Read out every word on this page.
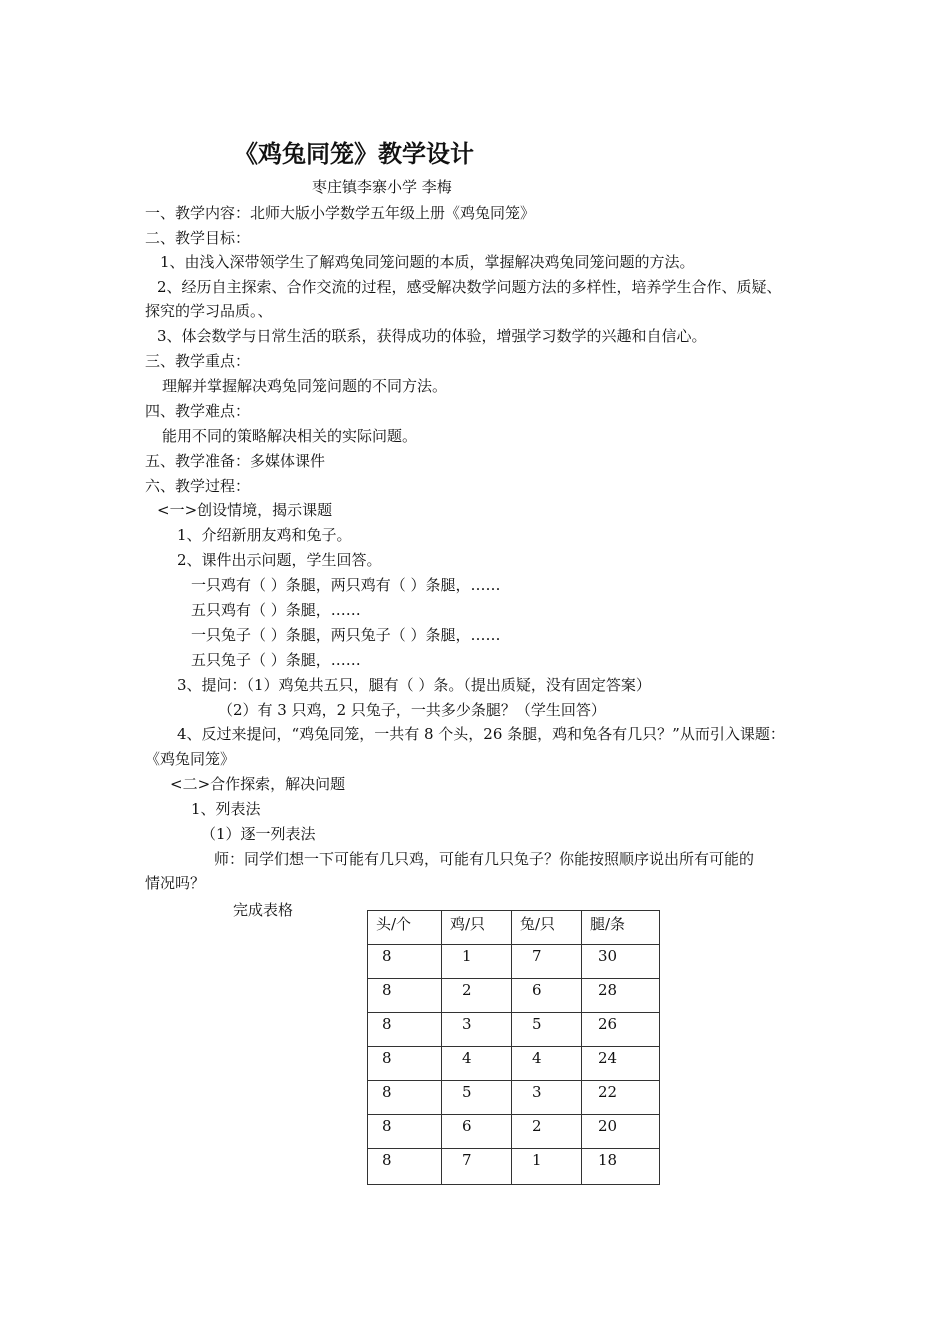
《鸡兔同笼》教学设计
枣庄镇李寨小学 李梅
一、教学内容：北师大版小学数学五年级上册《鸡兔同笼》
二、教学目标：
1、由浅入深带领学生了解鸡兔同笼问题的本质，掌握解决鸡兔同笼问题的方法。
2、经历自主探索、合作交流的过程，感受解决数学问题方法的多样性，培养学生合作、质疑、
探究的学习品质。、
3、体会数学与日常生活的联系，获得成功的体验，增强学习数学的兴趣和自信心。
三、教学重点：
理解并掌握解决鸡兔同笼问题的不同方法。
四、教学难点：
能用不同的策略解决相关的实际问题。
五、教学准备：多媒体课件
六、教学过程：
<一>创设情境，揭示课题
1、介绍新朋友鸡和兔子。
2、课件出示问题，学生回答。
一只鸡有（ ）条腿，两只鸡有（ ）条腿，……
五只鸡有（ ）条腿，……
一只兔子（ ）条腿，两只兔子（ ）条腿，……
五只兔子（ ）条腿，……
3、提问：（1）鸡兔共五只，腿有（ ）条。（提出质疑，没有固定答案）
（2）有 3 只鸡，2 只兔子，一共多少条腿？（学生回答）
4、反过来提问，“鸡兔同笼，一共有 8 个头，26 条腿，鸡和兔各有几只？”从而引入课题：
《鸡兔同笼》
<二>合作探索，解决问题
1、列表法
（1）逐一列表法
师：同学们想一下可能有几只鸡，可能有几只兔子？你能按照顺序说出所有可能的
情况吗？
完成表格
头/个	鸡/只	兔/只	腿/条
8	1	7	30
8	2	6	28
8	3	5	26
8	4	4	24
8	5	3	22
8	6	2	20
8	7	1	18
